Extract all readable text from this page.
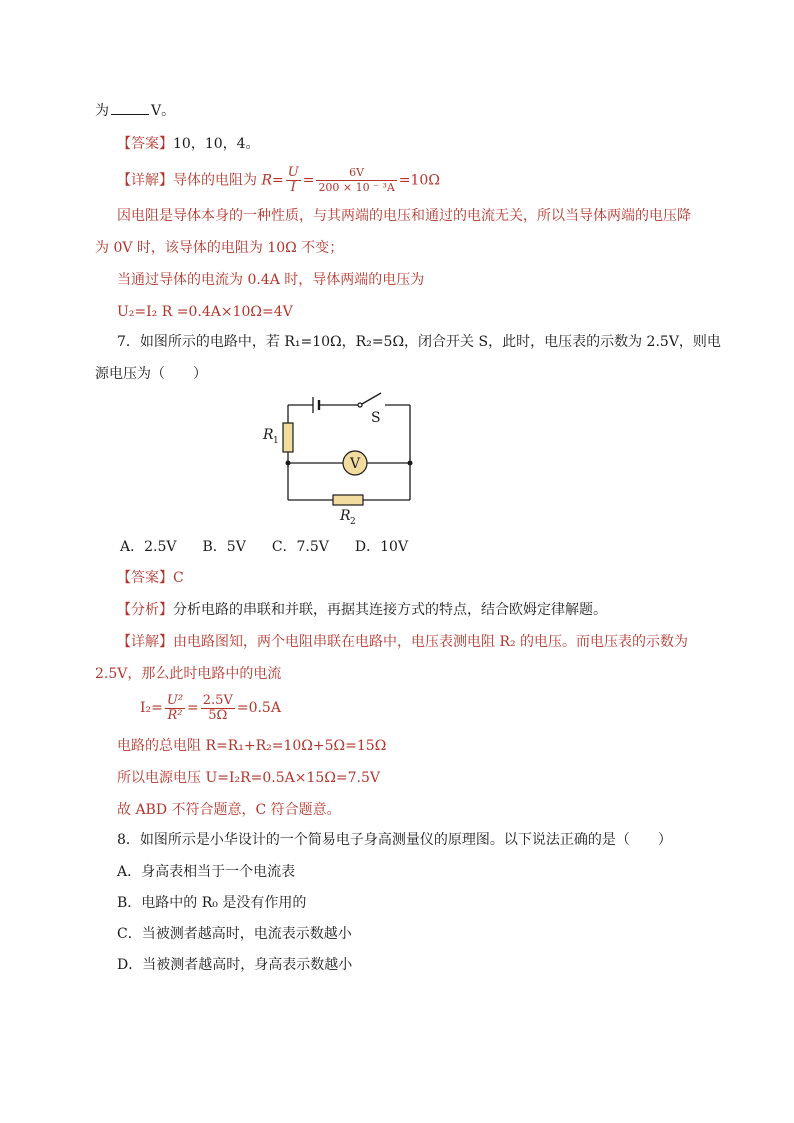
为	V。
【答案】10，10，4。
【详解】导体的电阻为 $R= \frac{U}{I} = \frac{6V}{\text{200 × 10 ⁻ ³A}} =10\Omega$
因电阻是导体本身的一种性质，与其两端的电压和通过的电流无关，所以当导体两端的电压降
为 0V 时，该导体的电阻为 10Ω 不变；
当通过导体的电流为 0.4A 时，导体两端的电压为
U₂=I₂ R =0.4A×10Ω=4V
7．如图所示的电路中，若 R₁=10Ω，R₂=5Ω，闭合开关 S，此时，电压表的示数为 2.5V，则电
源电压为（　　）
V
S
R 1
R 2
A．2.5V B．5V C．7.5V D．10V
【答案】C
【分析】分析电路的串联和并联，再据其连接方式的特点，结合欧姆定律解题。
【详解】由电路图知，两个电阻串联在电路中，电压表测电阻 R₂ 的电压。而电压表的示数为
2.5V，那么此时电路中的电流
$I_2= \frac{\text{U²}}{\text{R²}} = \frac{2.5V}{5\Omega} =0.5A$
电路的总电阻 R=R₁+R₂=10Ω+5Ω=15Ω
所以电源电压 U=I₂R=0.5A×15Ω=7.5V
故 ABD 不符合题意，C 符合题意。
8．如图所示是小华设计的一个简易电子身高测量仪的原理图。以下说法正确的是（　　）
A．身高表相当于一个电流表
B．电路中的 R₀ 是没有作用的
C．当被测者越高时，电流表示数越小
D．当被测者越高时，身高表示数越小
